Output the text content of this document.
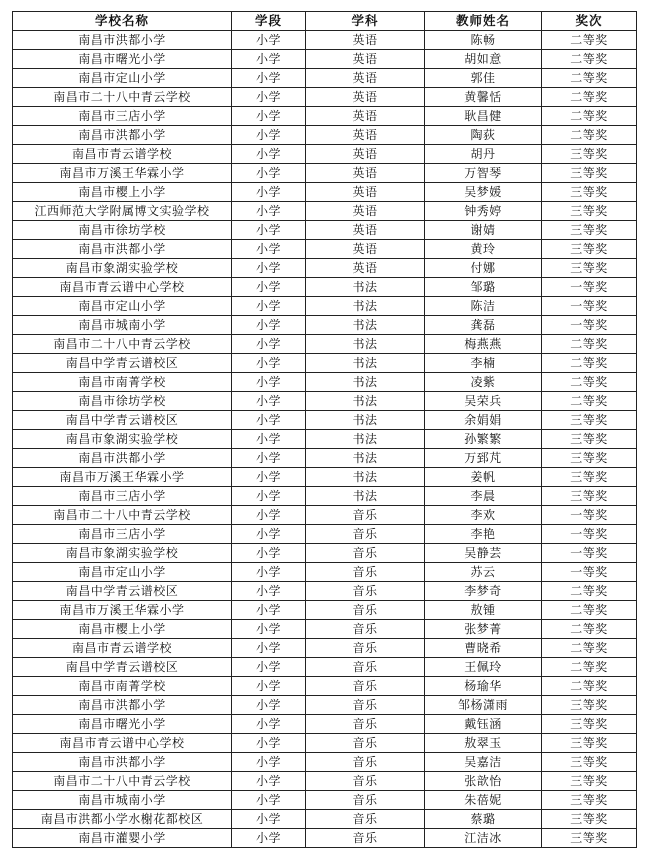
学校名称	学段	学科	教师姓名	奖次
南昌市洪都小学	小学	英语	陈畅	二等奖
南昌市曙光小学	小学	英语	胡如意	二等奖
南昌市定山小学	小学	英语	郭佳	二等奖
南昌市二十八中青云学校	小学	英语	黄馨恬	二等奖
南昌市三店小学	小学	英语	耿昌健	二等奖
南昌市洪都小学	小学	英语	陶荻	二等奖
南昌市青云谱学校	小学	英语	胡丹	三等奖
南昌市万溪王华霖小学	小学	英语	万智琴	三等奖
南昌市樱上小学	小学	英语	吴梦媛	三等奖
江西师范大学附属博文实验学校	小学	英语	钟秀婷	三等奖
南昌市徐坊学校	小学	英语	谢婧	三等奖
南昌市洪都小学	小学	英语	黄玲	三等奖
南昌市象湖实验学校	小学	英语	付娜	三等奖
南昌市青云谱中心学校	小学	书法	邹璐	一等奖
南昌市定山小学	小学	书法	陈洁	一等奖
南昌市城南小学	小学	书法	龚磊	一等奖
南昌市二十八中青云学校	小学	书法	梅燕燕	二等奖
南昌中学青云谱校区	小学	书法	李楠	二等奖
南昌市南菁学校	小学	书法	凌紫	二等奖
南昌市徐坊学校	小学	书法	吴荣兵	二等奖
南昌中学青云谱校区	小学	书法	余娟娟	三等奖
南昌市象湖实验学校	小学	书法	孙繁繁	三等奖
南昌市洪都小学	小学	书法	万郅芃	三等奖
南昌市万溪王华霖小学	小学	书法	姜帆	三等奖
南昌市三店小学	小学	书法	李晨	三等奖
南昌市二十八中青云学校	小学	音乐	李欢	一等奖
南昌市三店小学	小学	音乐	李艳	一等奖
南昌市象湖实验学校	小学	音乐	吴静芸	一等奖
南昌市定山小学	小学	音乐	苏云	一等奖
南昌中学青云谱校区	小学	音乐	李梦奇	二等奖
南昌市万溪王华霖小学	小学	音乐	敖锺	二等奖
南昌市樱上小学	小学	音乐	张梦菁	二等奖
南昌市青云谱学校	小学	音乐	曹晓希	二等奖
南昌中学青云谱校区	小学	音乐	王佩玲	二等奖
南昌市南菁学校	小学	音乐	杨瑜华	二等奖
南昌市洪都小学	小学	音乐	邹杨潇雨	三等奖
南昌市曙光小学	小学	音乐	戴钰涵	三等奖
南昌市青云谱中心学校	小学	音乐	敖翠玉	三等奖
南昌市洪都小学	小学	音乐	吴嘉洁	三等奖
南昌市二十八中青云学校	小学	音乐	张歆怡	三等奖
南昌市城南小学	小学	音乐	朱蓓妮	三等奖
南昌市洪都小学水榭花都校区	小学	音乐	蔡璐	三等奖
南昌市灌婴小学	小学	音乐	江洁冰	三等奖
